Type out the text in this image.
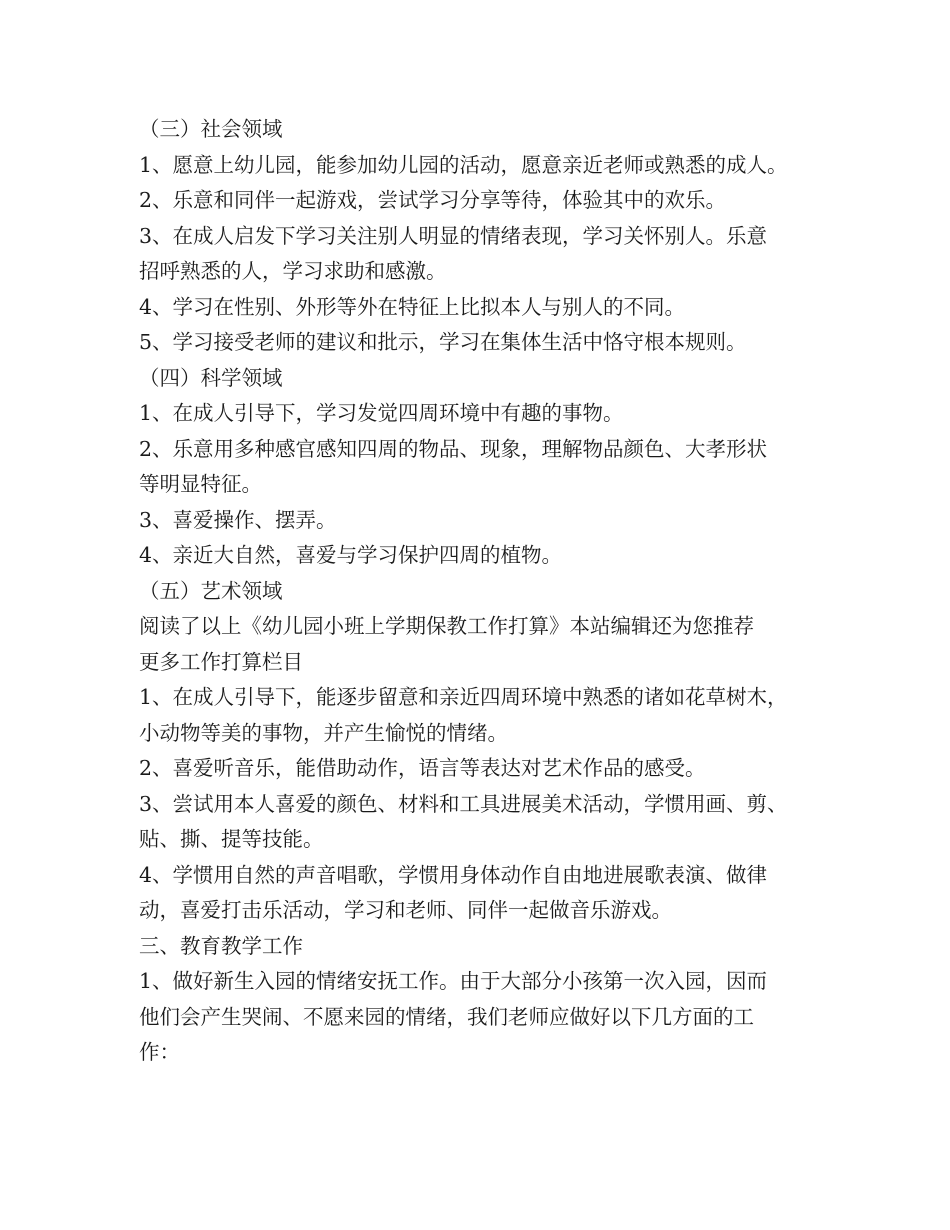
（三）社会领域
1、愿意上幼儿园，能参加幼儿园的活动，愿意亲近老师或熟悉的成人。
2、乐意和同伴一起游戏，尝试学习分享等待，体验其中的欢乐。
3、在成人启发下学习关注别人明显的情绪表现，学习关怀别人。乐意
招呼熟悉的人，学习求助和感激。
4、学习在性别、外形等外在特征上比拟本人与别人的不同。
5、学习接受老师的建议和批示，学习在集体生活中恪守根本规则。
（四）科学领域
1、在成人引导下，学习发觉四周环境中有趣的事物。
2、乐意用多种感官感知四周的物品、现象，理解物品颜色、大孝形状
等明显特征。
3、喜爱操作、摆弄。
4、亲近大自然，喜爱与学习保护四周的植物。
（五）艺术领域
阅读了以上《幼儿园小班上学期保教工作打算》本站编辑还为您推荐
更多工作打算栏目
1、在成人引导下，能逐步留意和亲近四周环境中熟悉的诸如花草树木，
小动物等美的事物，并产生愉悦的情绪。
2、喜爱听音乐，能借助动作，语言等表达对艺术作品的感受。
3、尝试用本人喜爱的颜色、材料和工具进展美术活动，学惯用画、剪、
贴、撕、提等技能。
4、学惯用自然的声音唱歌，学惯用身体动作自由地进展歌表演、做律
动，喜爱打击乐活动，学习和老师、同伴一起做音乐游戏。
三、教育教学工作
1、做好新生入园的情绪安抚工作。由于大部分小孩第一次入园，因而
他们会产生哭闹、不愿来园的情绪，我们老师应做好以下几方面的工
作：
